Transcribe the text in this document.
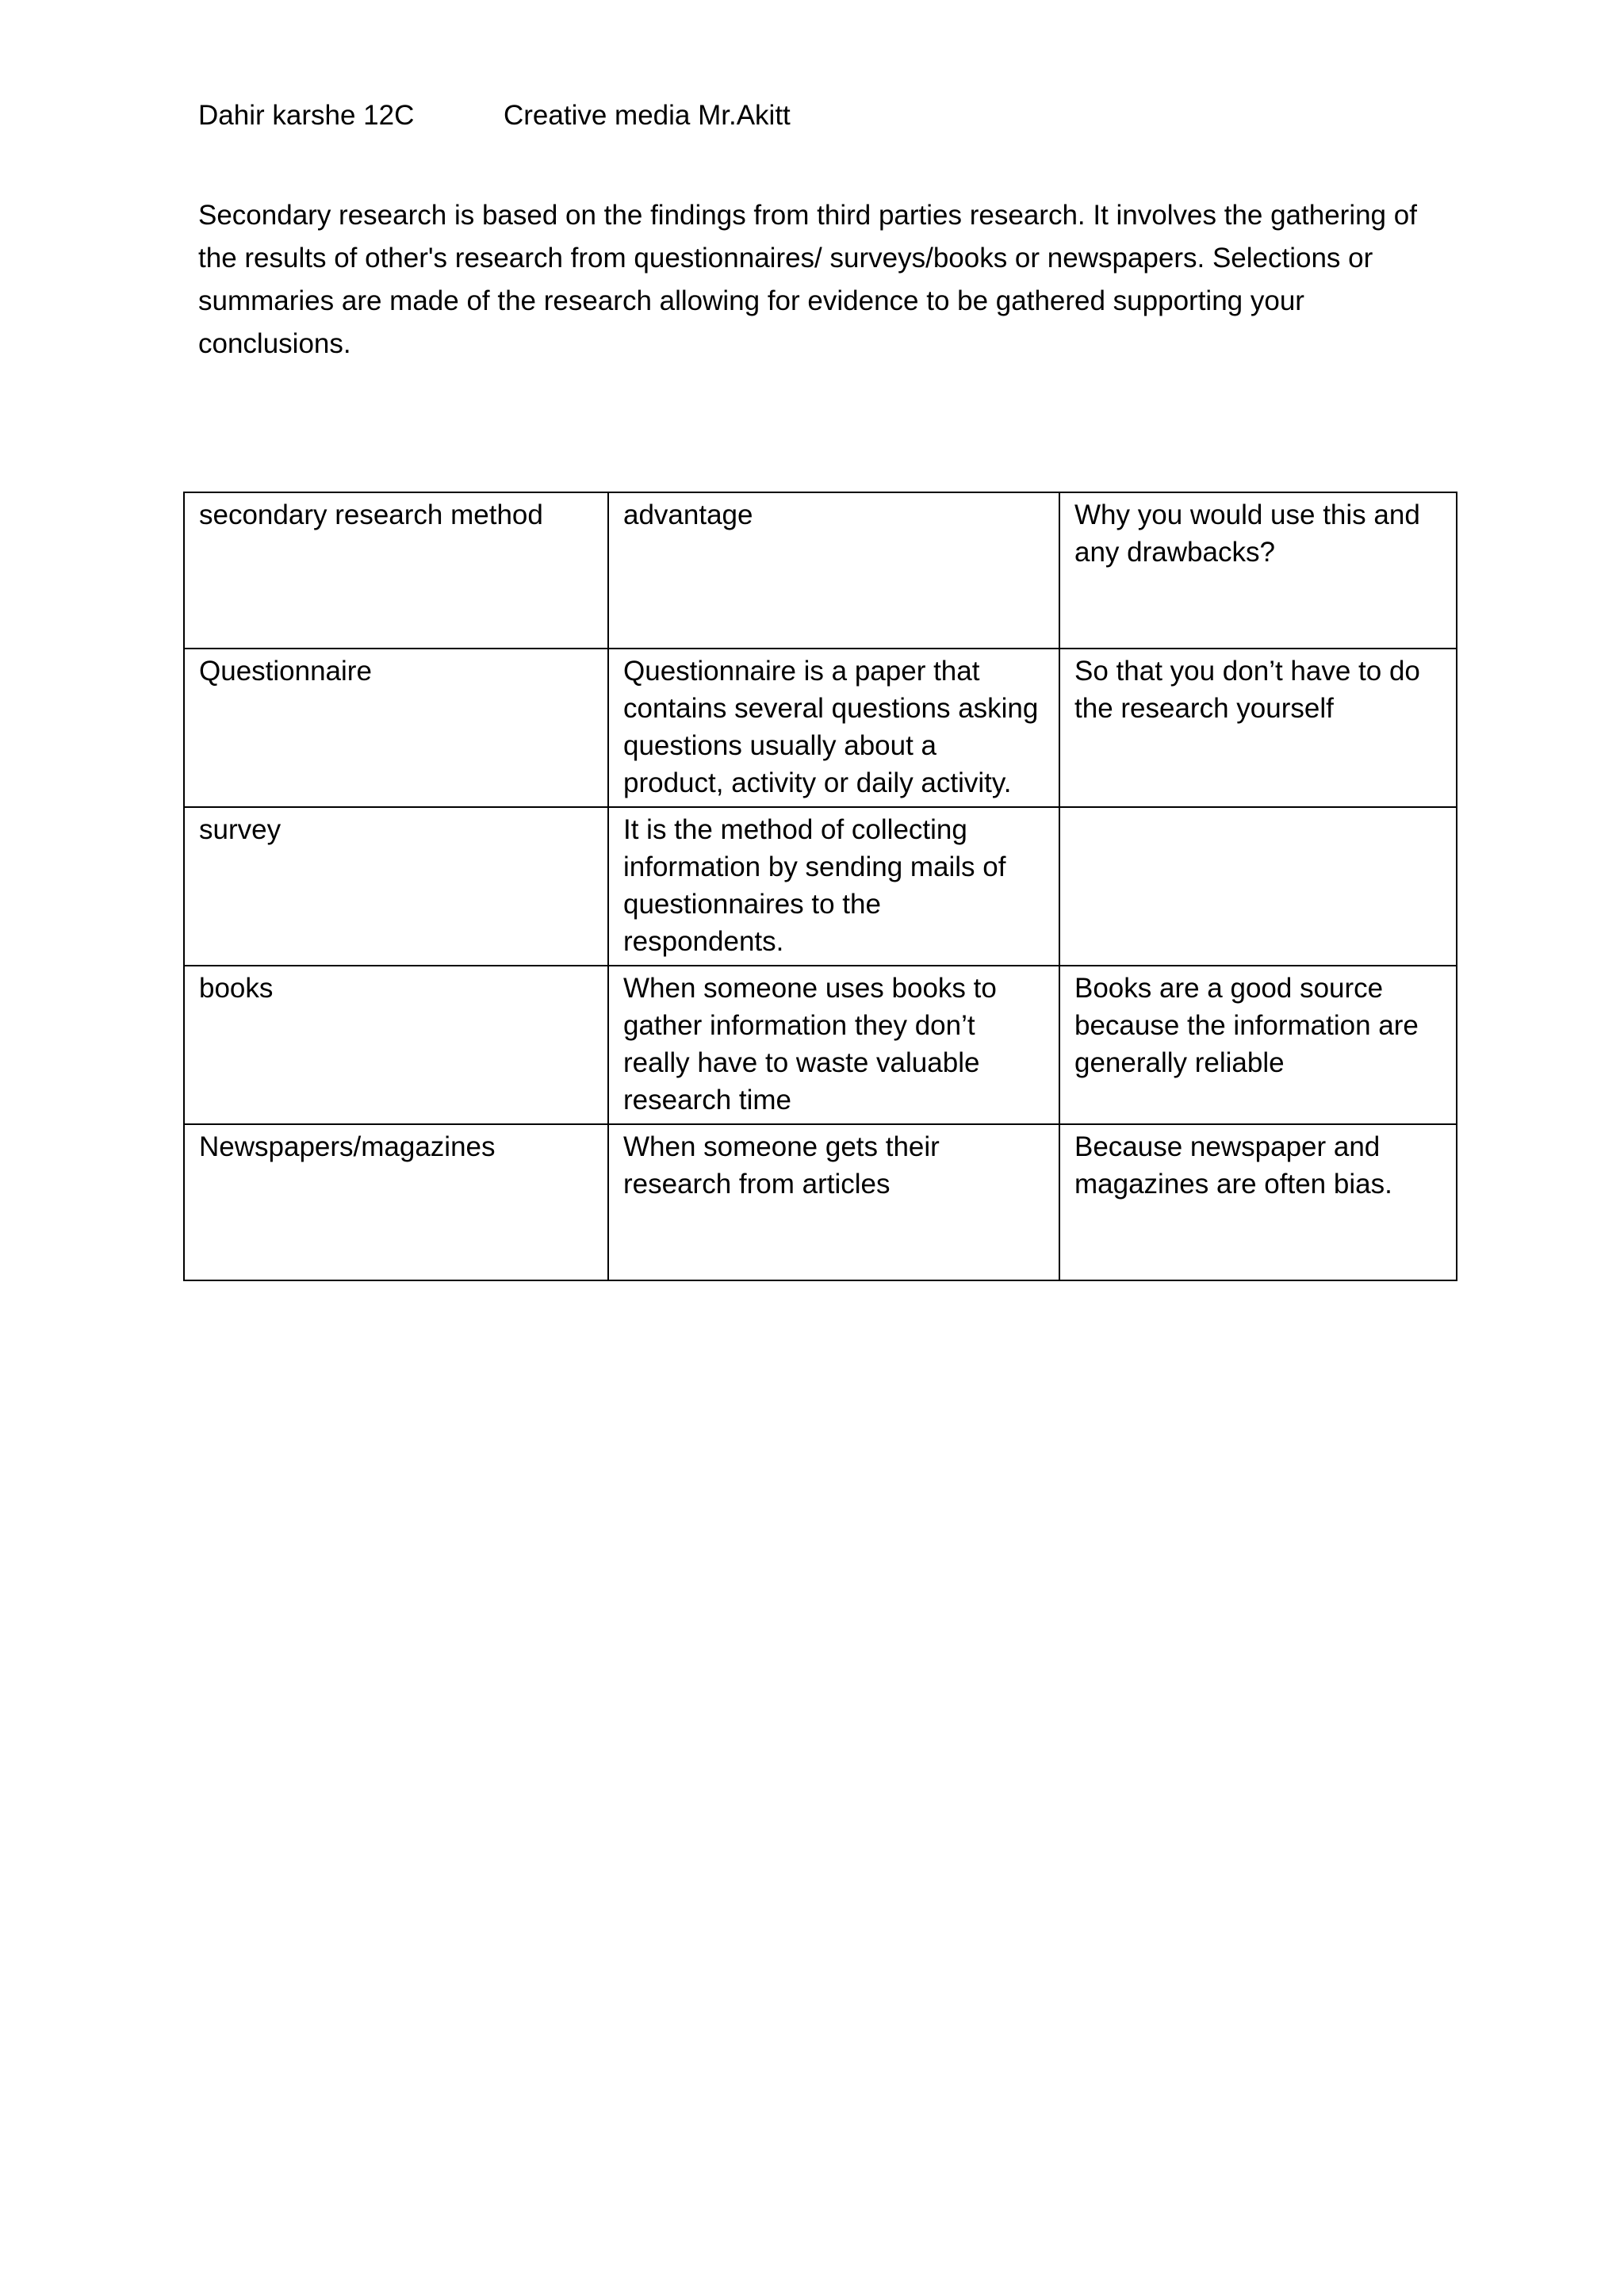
Dahir karshe 12C	Creative media Mr.Akitt

Secondary research is based on the findings from third parties research. It involves the gathering of the results of other's research from questionnaires/ surveys/books or newspapers. Selections or summaries are made of the research allowing for evidence to be gathered supporting your conclusions.

secondary research method	advantage	Why you would use this and any drawbacks?
Questionnaire	Questionnaire is a paper that contains several questions asking questions usually about a product, activity or daily activity.	So that you don’t have to do the research yourself
survey	It is the method of collecting information by sending mails of questionnaires to the respondents.	
books	When someone uses books to gather information they don’t really have to waste valuable research time	Books are a good source because the information are generally reliable
Newspapers/magazines	When someone gets their research from articles	Because newspaper and magazines are often bias.
